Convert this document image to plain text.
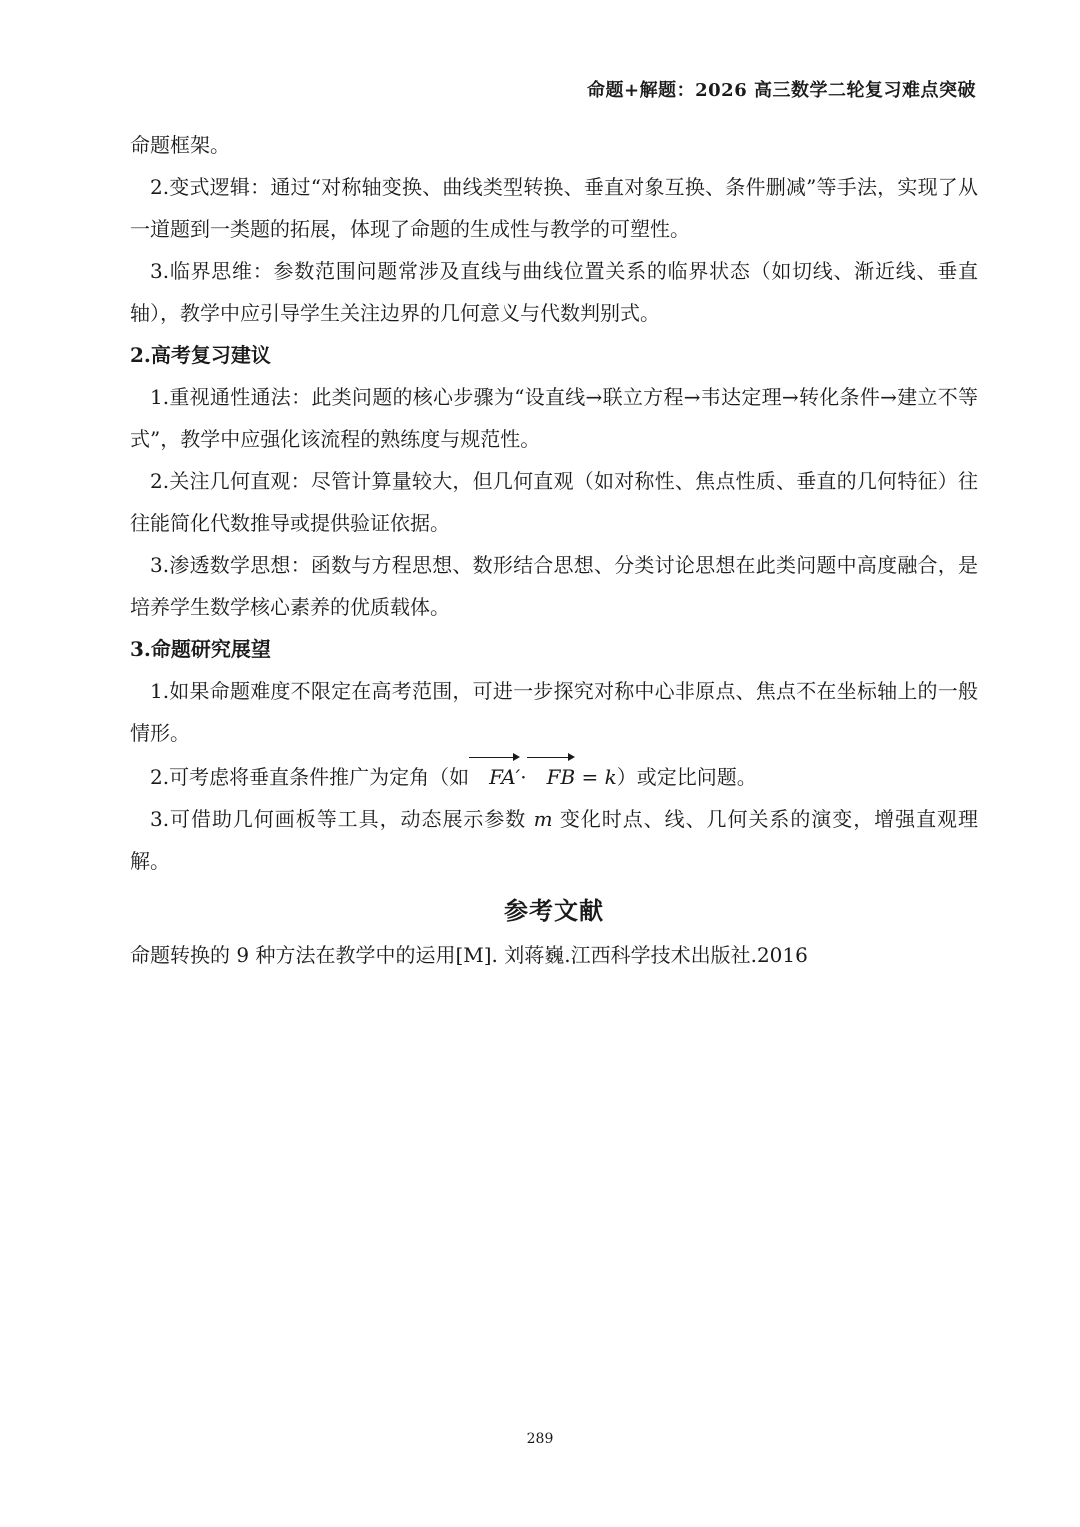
命题+解题：2026 高三数学二轮复习难点突破

命题框架。

2.变式逻辑：通过“对称轴变换、曲线类型转换、垂直对象互换、条件删减”等手法，实现了从一道题到一类题的拓展，体现了命题的生成性与教学的可塑性。

3.临界思维：参数范围问题常涉及直线与曲线位置关系的临界状态（如切线、渐近线、垂直轴），教学中应引导学生关注边界的几何意义与代数判别式。

2.高考复习建议

1.重视通性通法：此类问题的核心步骤为“设直线→联立方程→韦达定理→转化条件→建立不等式”，教学中应强化该流程的熟练度与规范性。

2.关注几何直观：尽管计算量较大，但几何直观（如对称性、焦点性质、垂直的几何特征）往往能简化代数推导或提供验证依据。

3.渗透数学思想：函数与方程思想、数形结合思想、分类讨论思想在此类问题中高度融合，是培养学生数学核心素养的优质载体。

3.命题研究展望

1.如果命题难度不限定在高考范围，可进一步探究对称中心非原点、焦点不在坐标轴上的一般情形。

2.可考虑将垂直条件推广为定角（如 FA′· FB = k）或定比问题。

3.可借助几何画板等工具，动态展示参数 m 变化时点、线、几何关系的演变，增强直观理解。

参考文献

命题转换的 9 种方法在教学中的运用[M]. 刘蒋巍.江西科学技术出版社.2016

289
